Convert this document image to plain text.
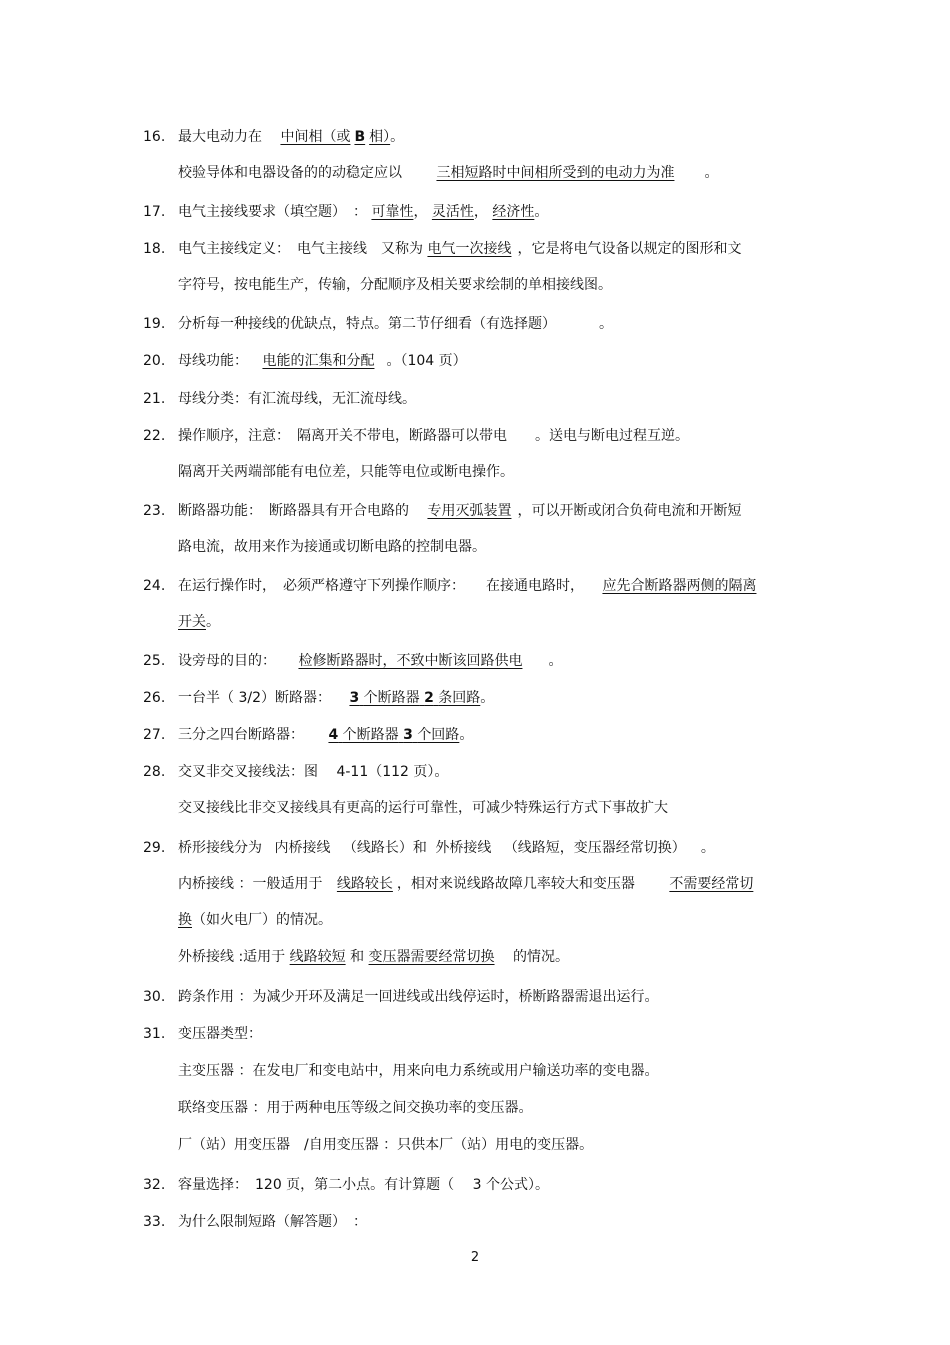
16. 最大电动力在 中间相（或 B 相）。
校验导体和电器设备的的动稳定应以 三相短路时中间相所受到的电动力为准 。
17. 电气主接线要求（填空题）　： 可靠性， 灵活性， 经济性。
18. 电气主接线定义：　电气主接线　又称为 电气一次接线 ，它是将电气设备以规定的图形和文
字符号，按电能生产，传输，分配顺序及相关要求绘制的单相接线图。
19. 分析每一种接线的优缺点，特点。第二节仔细看（有选择题）	。
20. 母线功能： 电能的汇集和分配 。（104 页）
21. 母线分类：有汇流母线，无汇流母线。
22. 操作顺序，注意：　隔离开关不带电，断路器可以带电 。送电与断电过程互逆。
隔离开关两端部能有电位差，只能等电位或断电操作。
23. 断路器功能：　断路器具有开合电路的 专用灭弧装置 ，可以开断或闭合负荷电流和开断短
路电流，故用来作为接通或切断电路的控制电器。
24. 在运行操作时，　必须严格遵守下列操作顺序：　　在接通电路时， 应先合断路器两侧的隔离
开关。
25. 设旁母的目的： 检修断路器时，不致中断该回路供电 。
26. 一台半（ 3/2）断路器： 3 个断路器 2 条回路。
27. 三分之四台断路器： 4 个断路器 3 个回路。
28. 交叉非交叉接线法：图　 4-11（112 页）。
交叉接线比非交叉接线具有更高的运行可靠性，可减少特殊运行方式下事故扩大
29. 桥形接线分为 内桥接线 （线路长）和 外桥接线 （线路短，变压器经常切换） 。
内桥接线 ：一般适用于 线路较长 ，相对来说线路故障几率较大和变压器 不需要经常切
换（如火电厂）的情况。
外桥接线 :适用于 线路较短 和 变压器需要经常切换 的情况。
30. 跨条作用 ：为减少开环及满足一回进线或出线停运时，桥断路器需退出运行。
31. 变压器类型：
主变压器 ：在发电厂和变电站中，用来向电力系统或用户输送功率的变电器。
联络变压器 ：用于两种电压等级之间交换功率的变压器。
厂（站）用变压器　/自用变压器 ：只供本厂（站）用电的变压器。
32. 容量选择：　120 页，第二小点。有计算题（　 3 个公式）。
33. 为什么限制短路（解答题）　：
2
